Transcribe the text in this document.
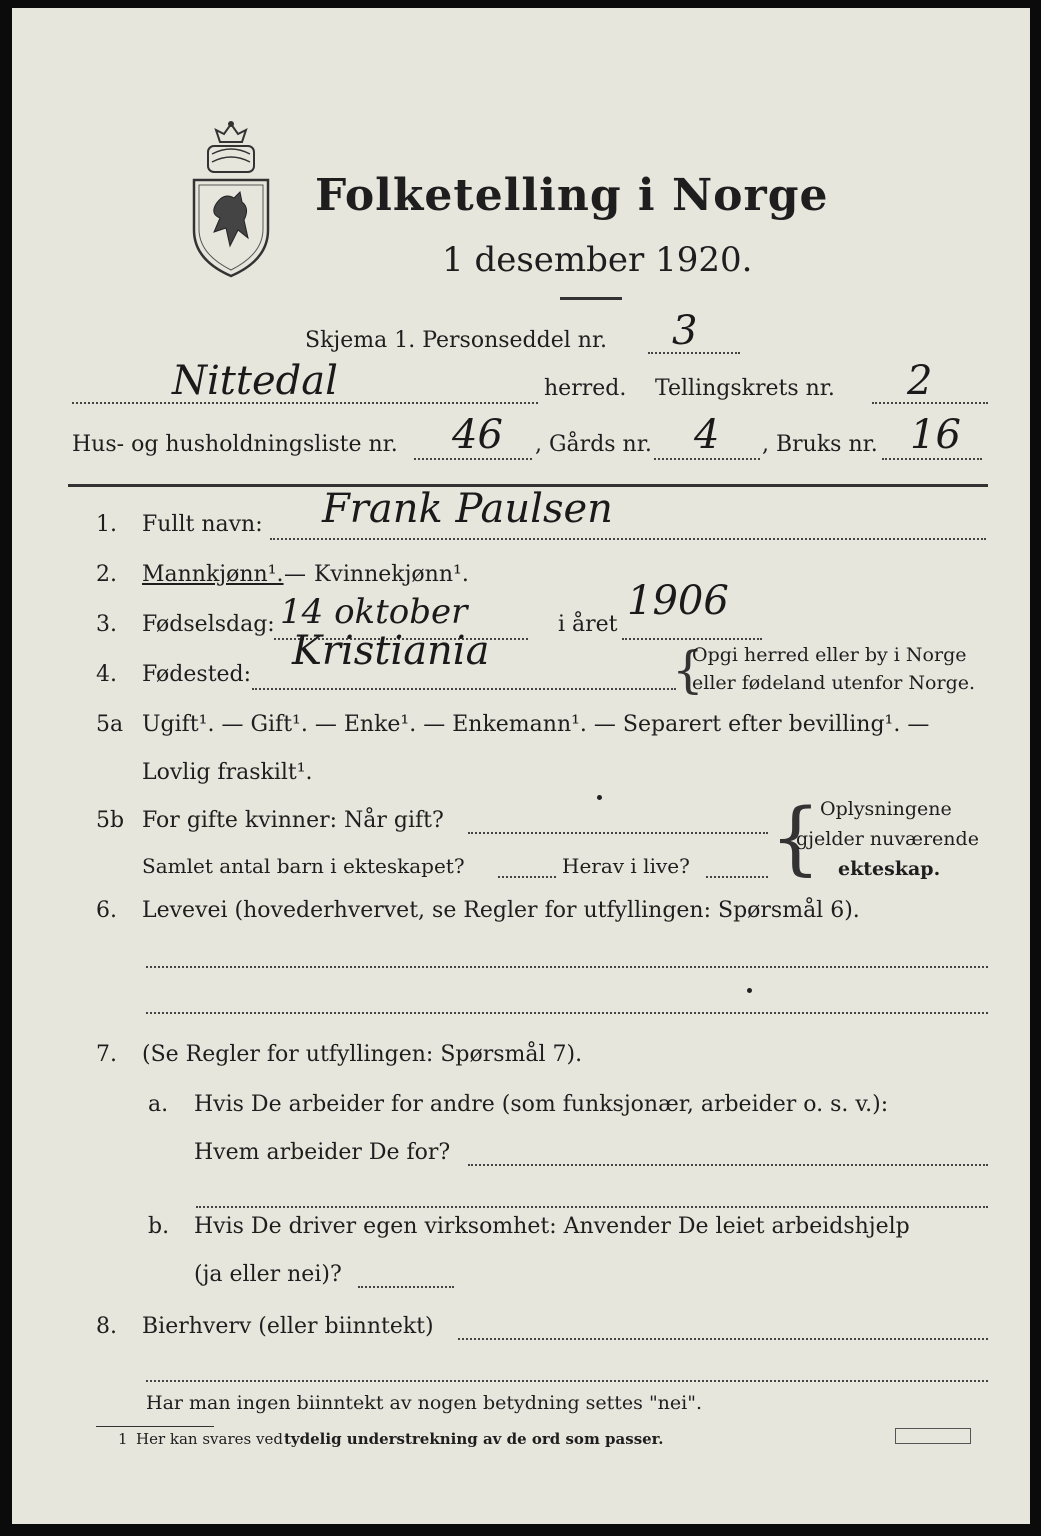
Folketelling i Norge
1 desember 1920.
Skjema 1. Personseddel nr. 3
Nittedal	herred. Tellingskrets nr. 2
Hus- og husholdningsliste nr. 46 , Gårds nr. 4 , Bruks nr. 16
1. Fullt navn: Frank Paulsen
2. Mannkjønn¹. — Kvinnekjønn¹.
3. Fødselsdag: 14 oktober	i året
1906
4. Fødested:
Kristiania	{
Opgi herred eller by i Norge
eller fødeland utenfor Norge.
5a Ugift¹. — Gift¹. — Enke¹. — Enkemann¹. — Separert efter bevilling¹. —
Lovlig fraskilt¹.
5b For gifte kvinner: Når gift?
Samlet antal barn i ekteskapet?	Herav i live? { Oplysningene
gjelder nuværende
ekteskap.
6. Levevei (hovederhvervet, se Regler for utfyllingen: Spørsmål 6).
7. (Se Regler for utfyllingen: Spørsmål 7).
a. Hvis De arbeider for andre (som funksjonær, arbeider o. s. v.):
Hvem arbeider De for?
b. Hvis De driver egen virksomhet: Anvender De leiet arbeidshjelp
(ja eller nei)?
8. Bierhverv (eller biinntekt)
Har man ingen biinntekt av nogen betydning settes "nei".
1 Her kan svares ved tydelig understrekning av de ord som passer.
